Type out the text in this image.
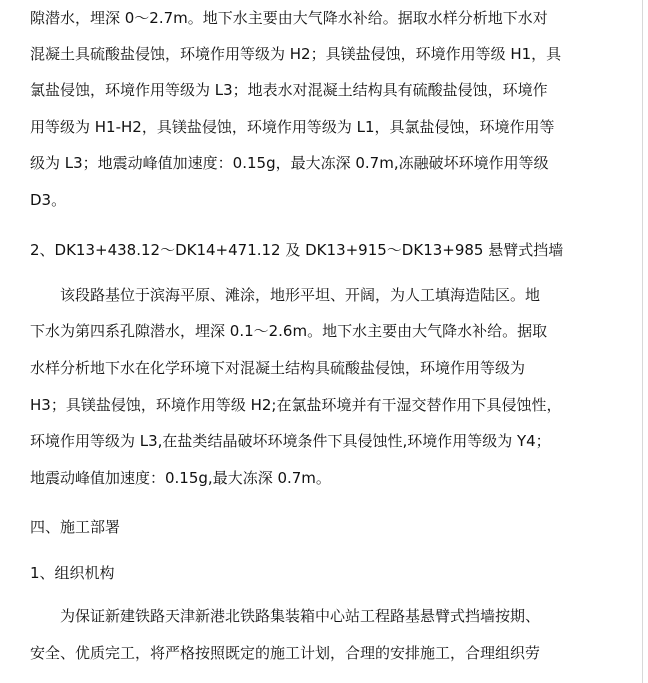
隙潜水，埋深 0～2.7m。地下水主要由大气降水补给。据取水样分析地下水对
混凝土具硫酸盐侵蚀，环境作用等级为 H2；具镁盐侵蚀，环境作用等级 H1，具
氯盐侵蚀，环境作用等级为 L3；地表水对混凝土结构具有硫酸盐侵蚀，环境作
用等级为 H1-H2，具镁盐侵蚀，环境作用等级为 L1，具氯盐侵蚀，环境作用等
级为 L3；地震动峰值加速度：0.15g，最大冻深 0.7m,冻融破坏环境作用等级
D3。
2、DK13+438.12～DK14+471.12 及 DK13+915～DK13+985 悬臂式挡墙
该段路基位于滨海平原、滩涂，地形平坦、开阔，为人工填海造陆区。地
下水为第四系孔隙潜水，埋深 0.1～2.6m。地下水主要由大气降水补给。据取
水样分析地下水在化学环境下对混凝土结构具硫酸盐侵蚀，环境作用等级为
H3；具镁盐侵蚀，环境作用等级 H2;在氯盐环境并有干湿交替作用下具侵蚀性，
环境作用等级为 L3,在盐类结晶破坏环境条件下具侵蚀性,环境作用等级为 Y4；
地震动峰值加速度：0.15g,最大冻深 0.7m。
四、施工部署
1、组织机构
为保证新建铁路天津新港北铁路集装箱中心站工程路基悬臂式挡墙按期、
安全、优质完工，将严格按照既定的施工计划，合理的安排施工，合理组织劳
